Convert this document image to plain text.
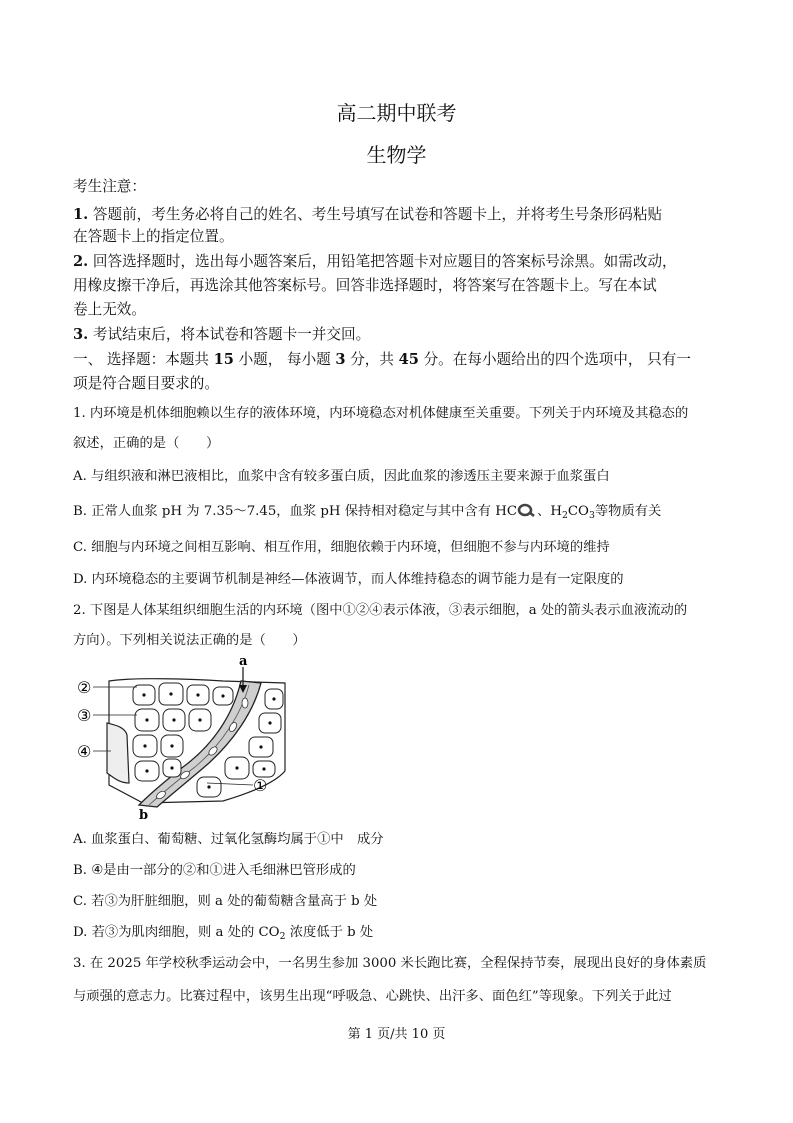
高二期中联考
生物学
考生注意：
1. 答题前，考生务必将自己的姓名、考生号填写在试卷和答题卡上，并将考生号条形码粘贴
在答题卡上的指定位置。
2. 回答选择题时，选出每小题答案后，用铅笔把答题卡对应题目的答案标号涂黑。如需改动，
用橡皮擦干净后，再选涂其他答案标号。回答非选择题时，将答案写在答题卡上。写在本试
卷上无效。
3. 考试结束后，将本试卷和答题卡一并交回。
一、 选择题：本题共 15 小题， 每小题 3 分，共 45 分。在每小题给出的四个选项中， 只有一
项是符合题目要求的。
1. 内环境是机体细胞赖以生存的液体环境，内环境稳态对机体健康至关重要。下列关于内环境及其稳态的
叙述，正确的是（　　）
A. 与组织液和淋巴液相比，血浆中含有较多蛋白质，因此血浆的渗透压主要来源于血浆蛋白
B. 正常人血浆 pH 为 7.35～7.45，血浆 pH 保持相对稳定与其中含有 HC 、$H_2CO_3$等物质有关
C. 细胞与内环境之间相互影响、相互作用，细胞依赖于内环境，但细胞不参与内环境的维持
D. 内环境稳态的主要调节机制是神经—体液调节，而人体维持稳态的调节能力是有一定限度的
2. 下图是人体某组织细胞生活的内环境（图中①②④表示体液，③表示细胞，a 处的箭头表示血液流动的
方向）。下列相关说法正确的是（　　）
a
b
②
③
④
①
A. 血浆蛋白、葡萄糖、过氧化氢酶均属于①中　成分
B. ④是由一部分的②和①进入毛细淋巴管形成的
C. 若③为肝脏细胞，则 a 处的葡萄糖含量高于 b 处
D. 若③为肌肉细胞，则 a 处的 $CO_2$ 浓度低于 b 处
3. 在 2025 年学校秋季运动会中，一名男生参加 3000 米长跑比赛，全程保持节奏，展现出良好的身体素质
与顽强的意志力。比赛过程中，该男生出现“呼吸急、心跳快、出汗多、面色红”等现象。下列关于此过
第 1 页/共 10 页
